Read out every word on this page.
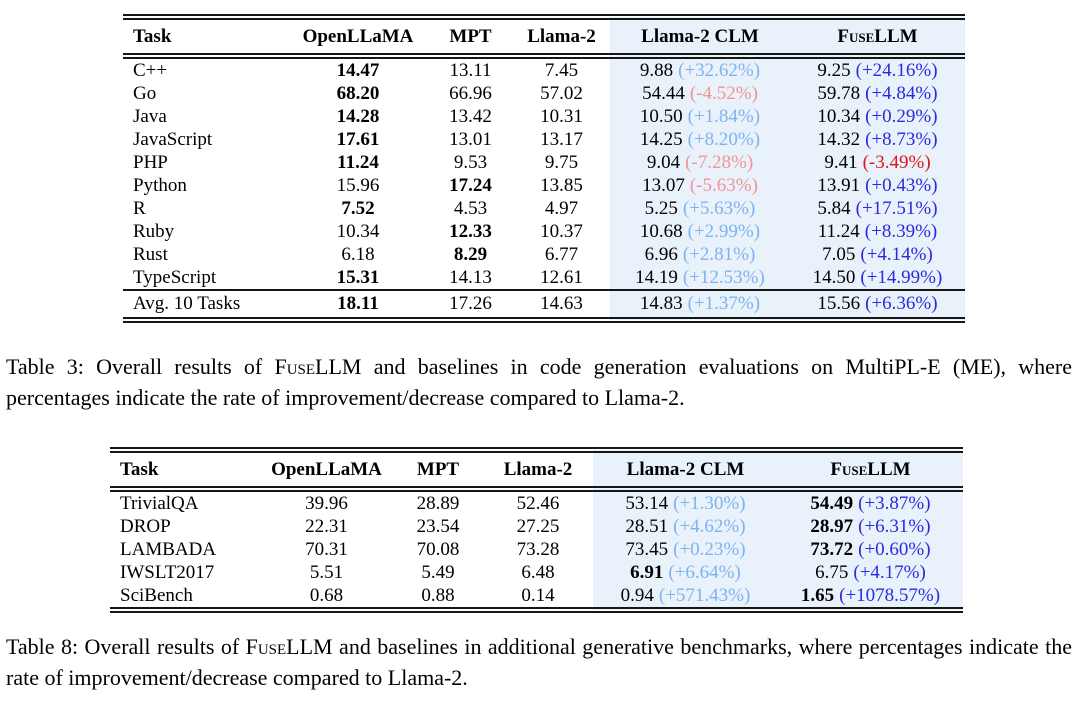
Task	OpenLLaMA	MPT	Llama-2	Llama-2 CLM	FuseLLM
C++	14.47	13.11	7.45	9.88 (+32.62%)	9.25 (+24.16%)
Go	68.20	66.96	57.02	54.44 (-4.52%)	59.78 (+4.84%)
Java	14.28	13.42	10.31	10.50 (+1.84%)	10.34 (+0.29%)
JavaScript	17.61	13.01	13.17	14.25 (+8.20%)	14.32 (+8.73%)
PHP	11.24	9.53	9.75	9.04 (-7.28%)	9.41 (-3.49%)
Python	15.96	17.24	13.85	13.07 (-5.63%)	13.91 (+0.43%)
R	7.52	4.53	4.97	5.25 (+5.63%)	5.84 (+17.51%)
Ruby	10.34	12.33	10.37	10.68 (+2.99%)	11.24 (+8.39%)
Rust	6.18	8.29	6.77	6.96 (+2.81%)	7.05 (+4.14%)
TypeScript	15.31	14.13	12.61	14.19 (+12.53%)	14.50 (+14.99%)
Avg. 10 Tasks	18.11	17.26	14.63	14.83 (+1.37%)	15.56 (+6.36%)

Table 3: Overall results of FuseLLM and baselines in code generation evaluations on MultiPL-E (ME), where percentages indicate the rate of improvement/decrease compared to Llama-2.

Task	OpenLLaMA	MPT	Llama-2	Llama-2 CLM	FuseLLM
TrivialQA	39.96	28.89	52.46	53.14 (+1.30%)	54.49 (+3.87%)
DROP	22.31	23.54	27.25	28.51 (+4.62%)	28.97 (+6.31%)
LAMBADA	70.31	70.08	73.28	73.45 (+0.23%)	73.72 (+0.60%)
IWSLT2017	5.51	5.49	6.48	6.91 (+6.64%)	6.75 (+4.17%)
SciBench	0.68	0.88	0.14	0.94 (+571.43%)	1.65 (+1078.57%)

Table 8: Overall results of FuseLLM and baselines in additional generative benchmarks, where percentages indicate the rate of improvement/decrease compared to Llama-2.
